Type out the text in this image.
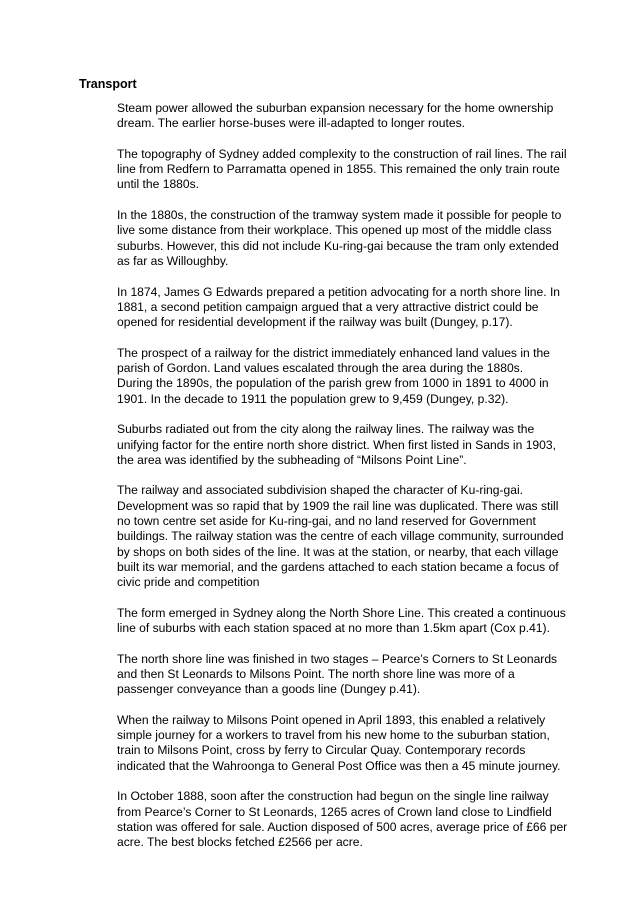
Transport

Steam power allowed the suburban expansion necessary for the home ownership
dream. The earlier horse-buses were ill-adapted to longer routes.

The topography of Sydney added complexity to the construction of rail lines. The rail
line from Redfern to Parramatta opened in 1855. This remained the only train route
until the 1880s.

In the 1880s, the construction of the tramway system made it possible for people to
live some distance from their workplace. This opened up most of the middle class
suburbs. However, this did not include Ku-ring-gai because the tram only extended
as far as Willoughby.

In 1874, James G Edwards prepared a petition advocating for a north shore line. In
1881, a second petition campaign argued that a very attractive district could be
opened for residential development if the railway was built (Dungey, p.17).

The prospect of a railway for the district immediately enhanced land values in the
parish of Gordon. Land values escalated through the area during the 1880s.
During the 1890s, the population of the parish grew from 1000 in 1891 to 4000 in
1901. In the decade to 1911 the population grew to 9,459 (Dungey, p.32).

Suburbs radiated out from the city along the railway lines. The railway was the
unifying factor for the entire north shore district. When first listed in Sands in 1903,
the area was identified by the subheading of “Milsons Point Line”.

The railway and associated subdivision shaped the character of Ku-ring-gai.
Development was so rapid that by 1909 the rail line was duplicated. There was still
no town centre set aside for Ku-ring-gai, and no land reserved for Government
buildings. The railway station was the centre of each village community, surrounded
by shops on both sides of the line. It was at the station, or nearby, that each village
built its war memorial, and the gardens attached to each station became a focus of
civic pride and competition

The form emerged in Sydney along the North Shore Line. This created a continuous
line of suburbs with each station spaced at no more than 1.5km apart (Cox p.41).

The north shore line was finished in two stages – Pearce’s Corners to St Leonards
and then St Leonards to Milsons Point. The north shore line was more of a
passenger conveyance than a goods line (Dungey p.41).

When the railway to Milsons Point opened in April 1893, this enabled a relatively
simple journey for a workers to travel from his new home to the suburban station,
train to Milsons Point, cross by ferry to Circular Quay. Contemporary records
indicated that the Wahroonga to General Post Office was then a 45 minute journey.

In October 1888, soon after the construction had begun on the single line railway
from Pearce’s Corner to St Leonards, 1265 acres of Crown land close to Lindfield
station was offered for sale. Auction disposed of 500 acres, average price of £66 per
acre. The best blocks fetched £2566 per acre.
